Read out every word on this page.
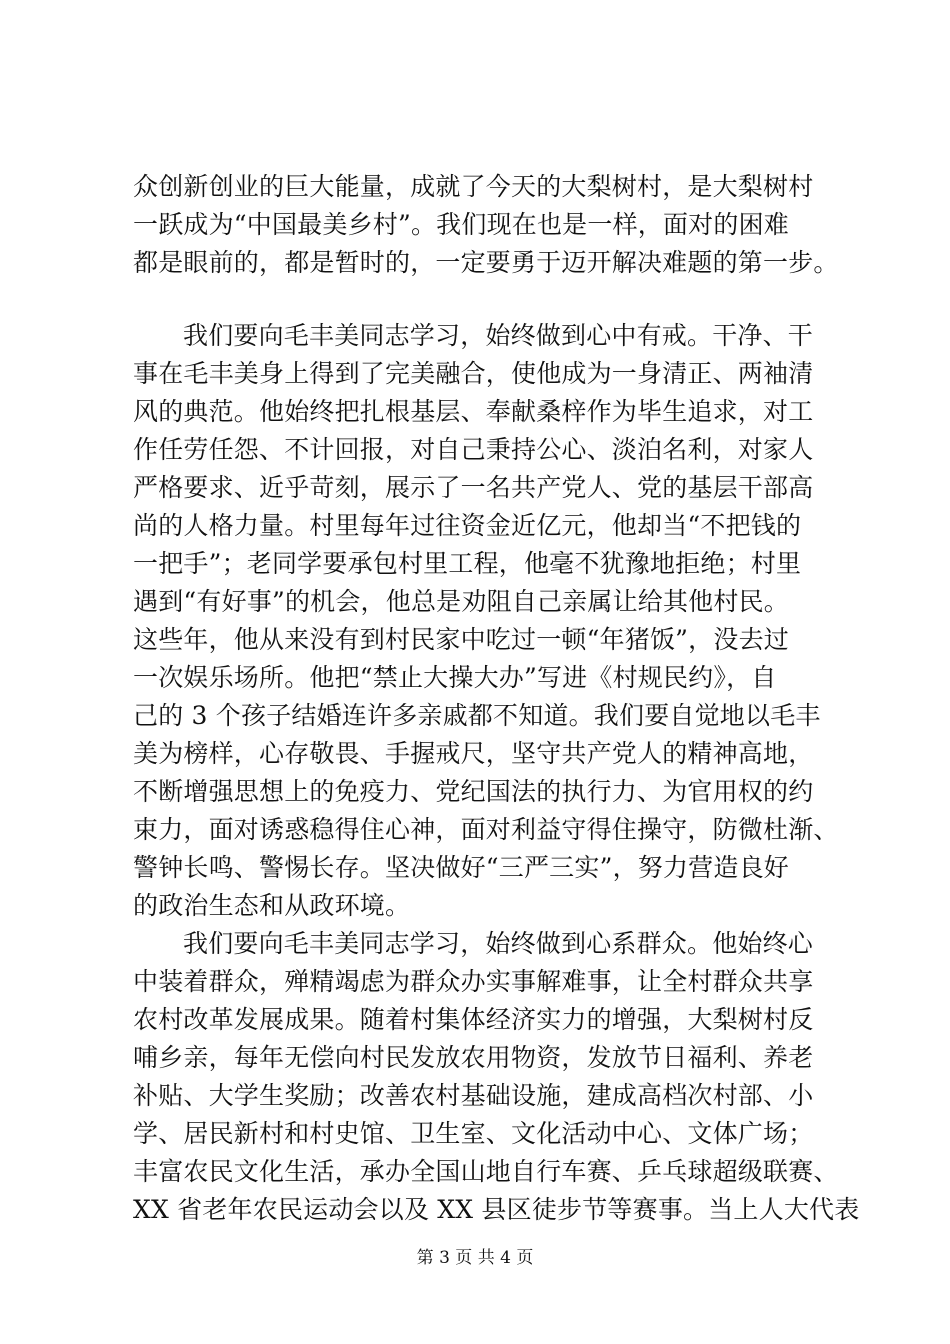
众创新创业的巨大能量，成就了今天的大梨树村，是大梨树村
一跃成为“中国最美乡村”。我们现在也是一样，面对的困难
都是眼前的，都是暂时的，一定要勇于迈开解决难题的第一步。
我们要向毛丰美同志学习，始终做到心中有戒。干净、干
事在毛丰美身上得到了完美融合，使他成为一身清正、两袖清
风的典范。他始终把扎根基层、奉献桑梓作为毕生追求，对工
作任劳任怨、不计回报，对自己秉持公心、淡泊名利，对家人
严格要求、近乎苛刻，展示了一名共产党人、党的基层干部高
尚的人格力量。村里每年过往资金近亿元，他却当“不把钱的
一把手”；老同学要承包村里工程，他毫不犹豫地拒绝；村里
遇到“有好事”的机会，他总是劝阻自己亲属让给其他村民。
这些年，他从来没有到村民家中吃过一顿“年猪饭”，没去过
一次娱乐场所。他把“禁止大操大办”写进《村规民约》，自
己的 3 个孩子结婚连许多亲戚都不知道。我们要自觉地以毛丰
美为榜样，心存敬畏、手握戒尺，坚守共产党人的精神高地，
不断增强思想上的免疫力、党纪国法的执行力、为官用权的约
束力，面对诱惑稳得住心神，面对利益守得住操守，防微杜渐、
警钟长鸣、警惕长存。坚决做好“三严三实”，努力营造良好
的政治生态和从政环境。
我们要向毛丰美同志学习，始终做到心系群众。他始终心
中装着群众，殚精竭虑为群众办实事解难事，让全村群众共享
农村改革发展成果。随着村集体经济实力的增强，大梨树村反
哺乡亲，每年无偿向村民发放农用物资，发放节日福利、养老
补贴、大学生奖励；改善农村基础设施，建成高档次村部、小
学、居民新村和村史馆、卫生室、文化活动中心、文体广场；
丰富农民文化生活，承办全国山地自行车赛、乒乓球超级联赛、
XX 省老年农民运动会以及 XX 县区徒步节等赛事。当上人大代表
第 3 页 共 4 页
